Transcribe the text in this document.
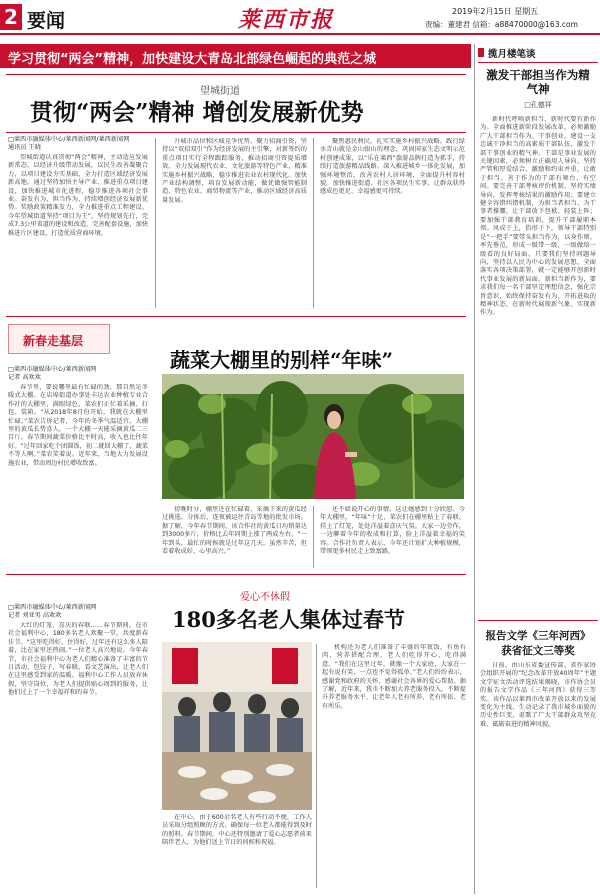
2 要闻	莱西市报	2019年2月15日 星期五
责编：董建君 信箱：a88470000@163.com
学习贯彻“两会”精神，加快建设大青岛北部绿色崛起的典范之城
望城街道
贯彻“两会”精神 增创发展新优势
□莱西市融媒体中心/莱西新闻网/莱西新闻网
通讯员 王晓

望城街道认真贯彻“两会”精神，主动适应发展新常态，以经济升级带动发展，以民生改善凝聚合力，以项目建设夯实基础，全力打造区域经济发展新高地。通过坚持加快主导产业、推进重点项目建设，加快推进城市化进程，稳步推进各项社会事业。奋发有为、担当作为，持续增创经济发展新优势。奖励政策精准发力，全力推进重点工程建设。今年望城街道坚持“项目为王”，坚持规划先行，完成7.3公里省道的建设和改造，完善配套设施，加快推进片区建设，打造优质营商环境。

升城市品位和区域竞争优势。聚力招商引资，坚持以“双招双引”作为经济发展的主引擎，对新签约的重点项目实行全程跟踪服务，推动招商引资提质增效。全力发展现代农业、文化旅游等特色产业，精准实施乡村振兴战略，稳步推进农业农村现代化。加快产业结构调整，培育发展新动能，做优做强智能制造、特色农业、商贸物流等产业，推动区域经济高质量发展。

聚焦惠民利民，扎实实施乡村振兴战略。践行绿水青山就是金山银山的理念，巩固国家生态文明示范村创建成果，以“乐在莱西”旅游品牌打造为抓手，持续打造旅游精品线路。深入推进城乡一体化发展，加强环境整治，改善农村人居环境，全面提升村容村貌。加快推进街道、社区各项民生实事，让群众获得感成色更足、幸福感更可持续。

新春走基层
蔬菜大棚里的别样“年味”
□莱西市融媒体中心/莱西新闻网
记者 高欢欢

春节里，要说哪里最有忙碌的劲，那自然是冬暖式大棚。在店埠街道办事处丰达农业种植专业合作社的大棚里，满眼绿色，菜农们正忙着采摘、打包、装箱。“从2018年8月份开始，我就在大棚里忙碌。”菜农告诉记者，今年的冬季气温适宜，大棚里的黄瓜长势喜人，一个大棚一天能采摘黄瓜二三百斤。春节期间蔬菜价格比平时高，收入也比往年好。“过年回家吃个团圆饭，初二就回大棚了，蔬菜不等人啊。”菜农笑着说。近年来，当地大力发展设施农业，带动周边村民增收致富。

傍晚时分，棚里还在忙碌着，采摘下来的黄瓜经过挑选、分拣后，连夜被运往青岛等地的批发市场。据了解，今年春节期间，该合作社的黄瓜日均销量达到3000多斤，价格比去年同期上涨了两成左右。“一年到头，最忙的时候就是过年这几天，虽然辛苦，但看着收成好，心里高兴。”

还不如说开心的事情。这让她感到十分欣慰。今年大棚里，“年味”十足，菜农们在棚里贴上了春联、挂上了灯笼，处处洋溢着喜庆气氛。大家一边劳作，一边聊着今年的收成和打算，脸上洋溢着幸福的笑容。合作社负责人表示，今年还计划扩大种植规模，带领更多村民走上致富路。

□莱西市融媒体中心/莱西新闻网
记者 刘亚男 高欢欢

大红的灯笼、喜庆的春联……春节期间，在市社会福利中心，180多名老人欢聚一堂，共度新春佳节。“这里吃得好、住得好，过年还有这么多人陪着，比在家里还热闹。”一位老人高兴地说。今年春节，市社会福利中心为老人们精心准备了丰富的节日活动，包饺子、写春联、看文艺演出，让老人们在这里感受到家的温暖。福利中心工作人员放弃休假，坚守岗位，为老人们提供贴心周到的服务，让他们过上了一个幸福祥和的春节。

爱心不休假
180多名老人集体过春节

在中心，由于600余名老人有些行动不便，工作人员采取分组照顾的方式，确保每一位老人都能得到及时的照料。春节期间，中心还特别邀请了爱心志愿者前来陪伴老人，为他们送上节日的问候和祝福。

机构还为老人们准备了丰盛的年夜饭，有鱼有肉，营养搭配合理，老人们吃得开心、吃得满意。“我们在这里过年，就像一个大家庭，大家在一起有说有笑，一点也不觉得孤单。”老人们纷纷表示，感谢党和政府的关怀，感谢社会各界的爱心帮助。据了解，近年来，我市不断加大养老服务投入，不断提升养老服务水平，让老年人老有所养、老有所依、老有所乐。

揽月楼笔谈
激发干部担当作为精气神
□孔德祥

新时代呼唤新担当，新时代要有新作为。全面推进新阶段发展改革，必须激励广大干部担当作为、干事创业，建设一支忠诚干净担当的高素质干部队伍，激发干部干事创业的精气神。干部是事业发展的关键因素，必须树立正确用人导向，坚持严管和厚爱结合、激励和约束并重，让敢于担当、善于作为的干部有舞台、有空间。要完善干部考核评价机制，坚持实绩导向，发挥考核结果的激励作用；要建立健全容错纠错机制，为担当者担当、为干事者撑腰，让干部放下包袱、轻装上阵；要加强干部教育培训，提升干部履职本领。风成于上，俗形于下。领导干部特别是“一把手”要带头担当作为，以身作则、率先垂范，形成一级带一级、一级做给一级看的良好局面。只要我们坚持问题导向，坚持以人民为中心的发展思想，全面落实各项决策部署，就一定能够开创新时代事业发展的新局面。新担当新作为，要求我们每一名干部坚定理想信念，强化宗旨意识，始终保持奋发有为、开拓进取的精神状态，在新时代展现新气象、实现新作为。

报告文学《三年河西》
获省征文三等奖

日前，由山东省委宣传部、省作家协会组织开展的“纪念改革开放40周年”主题文学征文活动评选结果揭晓，市作协会员的报告文学作品《三年河西》获得三等奖。该作品以莱西市改革开放以来的发展变化为主线，生动记录了我市城乡面貌的历史性巨变，讴歌了广大干部群众攻坚克难、砥砺奋进的精神风貌。
